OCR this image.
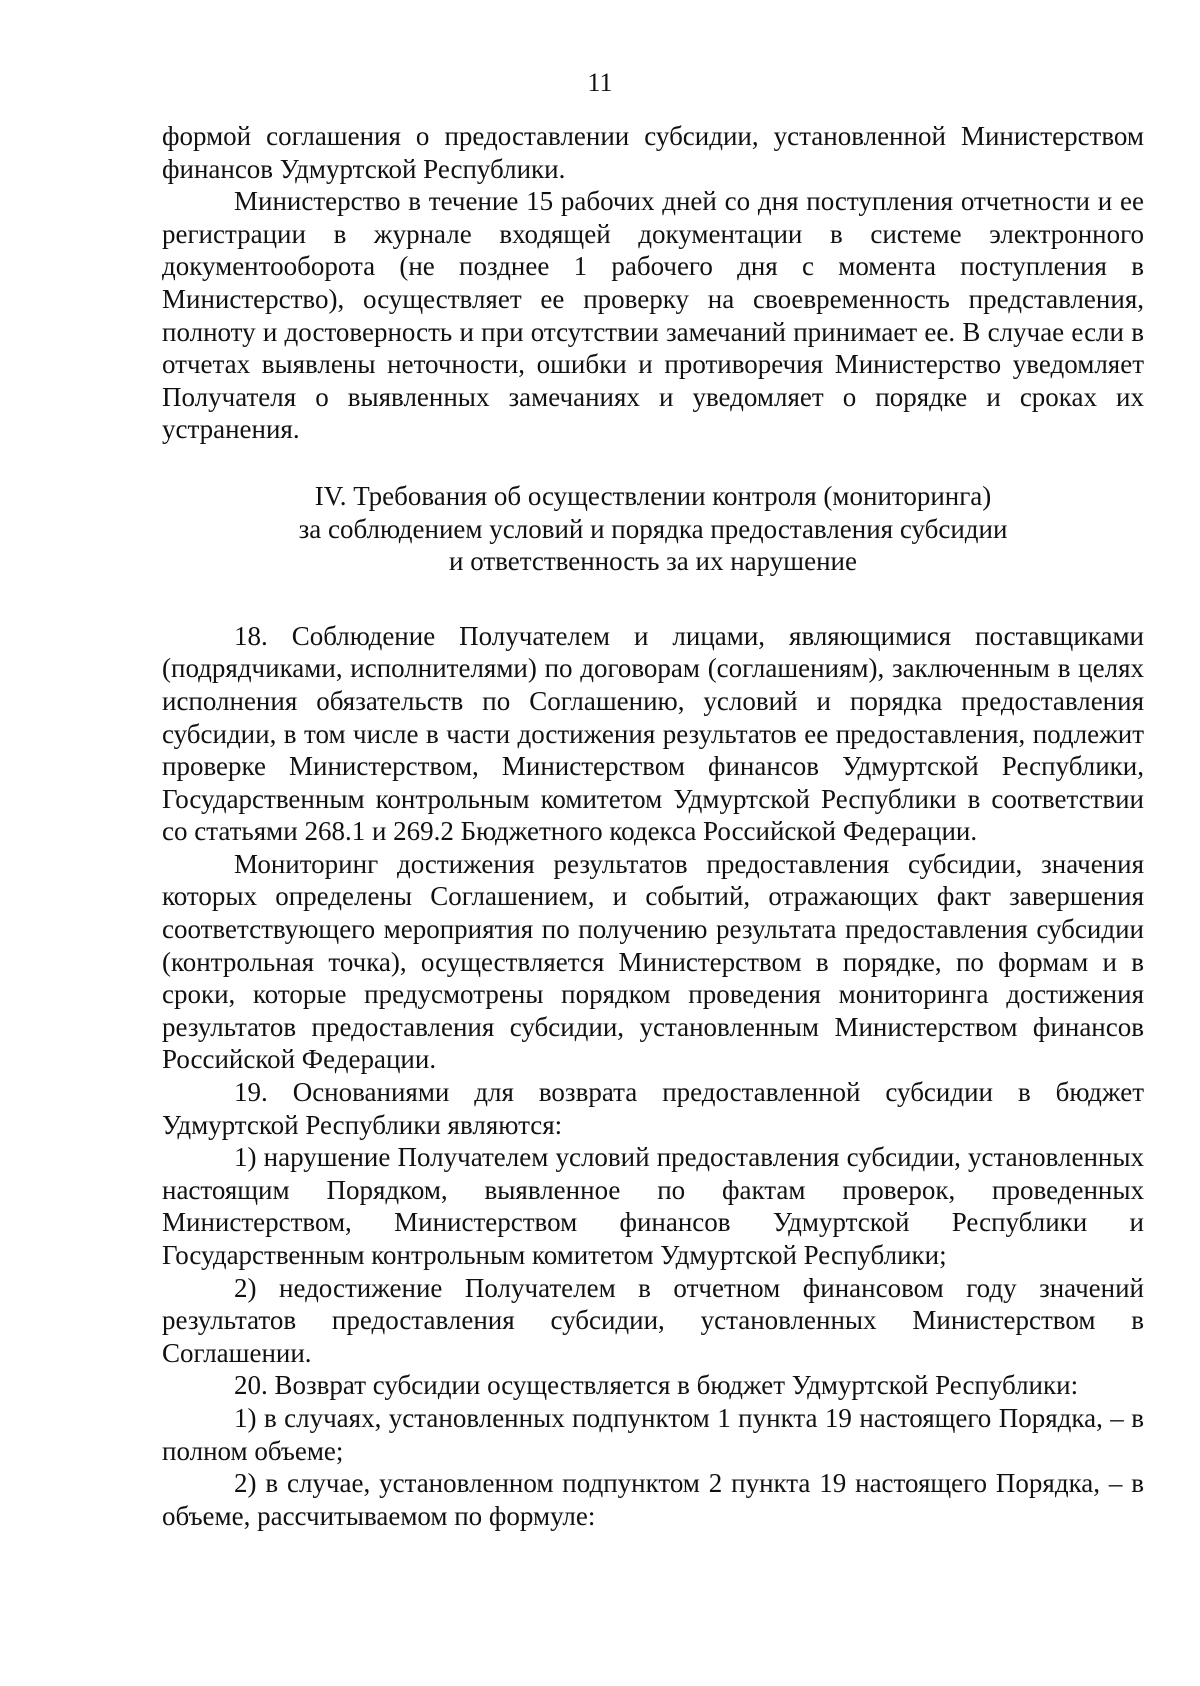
11

формой соглашения о предоставлении субсидии, установленной Министерством финансов Удмуртской Республики.

Министерство в течение 15 рабочих дней со дня поступления отчетности и ее регистрации в журнале входящей документации в системе электронного документооборота (не позднее 1 рабочего дня с момента поступления в Министерство), осуществляет ее проверку на своевременность представления, полноту и достоверность и при отсутствии замечаний принимает ее. В случае если в отчетах выявлены неточности, ошибки и противоречия Министерство уведомляет Получателя о выявленных замечаниях и уведомляет о порядке и сроках их устранения.

IV. Требования об осуществлении контроля (мониторинга)
за соблюдением условий и порядка предоставления субсидии
и ответственность за их нарушение

18. Соблюдение Получателем и лицами, являющимися поставщиками (подрядчиками, исполнителями) по договорам (соглашениям), заключенным в целях исполнения обязательств по Соглашению, условий и порядка предоставления субсидии, в том числе в части достижения результатов ее предоставления, подлежит проверке Министерством, Министерством финансов Удмуртской Республики, Государственным контрольным комитетом Удмуртской Республики в соответствии со статьями 268.1 и 269.2 Бюджетного кодекса Российской Федерации.

Мониторинг достижения результатов предоставления субсидии, значения которых определены Соглашением, и событий, отражающих факт завершения соответствующего мероприятия по получению результата предоставления субсидии (контрольная точка), осуществляется Министерством в порядке, по формам и в сроки, которые предусмотрены порядком проведения мониторинга достижения результатов предоставления субсидии, установленным Министерством финансов Российской Федерации.

19. Основаниями для возврата предоставленной субсидии в бюджет Удмуртской Республики являются:

1) нарушение Получателем условий предоставления субсидии, установленных настоящим Порядком, выявленное по фактам проверок, проведенных Министерством, Министерством финансов Удмуртской Республики и Государственным контрольным комитетом Удмуртской Республики;

2) недостижение Получателем в отчетном финансовом году значений результатов предоставления субсидии, установленных Министерством в Соглашении.

20. Возврат субсидии осуществляется в бюджет Удмуртской Республики:

1) в случаях, установленных подпунктом 1 пункта 19 настоящего Порядка, – в полном объеме;

2) в случае, установленном подпунктом 2 пункта 19 настоящего Порядка, – в объеме, рассчитываемом по формуле:
